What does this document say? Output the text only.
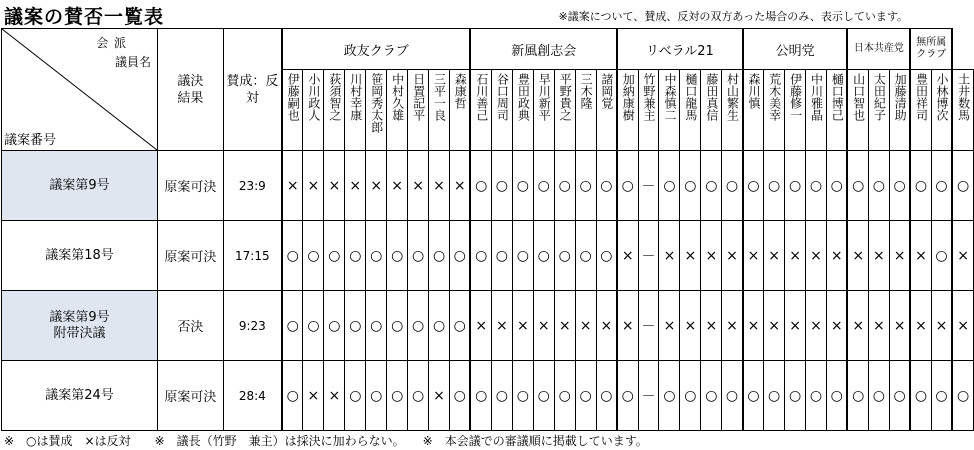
議案の賛否一覧表	※議案について、賛成、反対の双方あった場合のみ、表示しています。
会 派
議員名
議案番号	議決
結果	賛成：反対	政友クラブ									新風創志会							リベラル21						公明党					日本共産党			無所属クラブ		
			伊藤嗣也	小川政人	荻須智之	川村幸康	笹岡秀太郎	中村久雄	日置記平	三平一良	森康哲	石川善己	谷口周司	豊田政典	早川新平	平野貴之	三木隆	諸岡覚	加納康樹	竹野兼主	中森慎二	樋口龍馬	藤田真信	村山繁生	森川慎	荒木美幸	伊藤修一	中川雅晶	樋口博己	山口智也	太田紀子	加藤清助	豊田祥司	小林博次	土井数馬

議案第9号	原案可決	23:9	×	×	×	×	×	×	×	×	×	○	○	○	○	○	○	○	○	－	○	○	○	○	○	○	○	○	○	○	○	○	○	○	○

議案第18号	原案可決	17:15	○	○	○	○	○	○	○	○	○	○	○	○	○	○	○	○	×	－	×	×	×	×	×	×	×	×	×	×	×	×	×	○	×

議案第9号
附帯決議	否決	9:23	○	○	○	○	○	○	○	○	○	×	×	×	×	×	×	×	×	－	×	×	×	×	×	×	×	×	×	×	×	×	×	×	×

議案第24号	原案可決	28:4	○	×	×	○	○	○	○	×	○	○	○	○	○	○	○	○	○	－	○	○	○	○	○	○	○	○	○	○	○	○	○	○	○
※　○は賛成　×は反対　　※　議長（竹野　兼主）は採決に加わらない。　　※　本会議での審議順に掲載しています。
